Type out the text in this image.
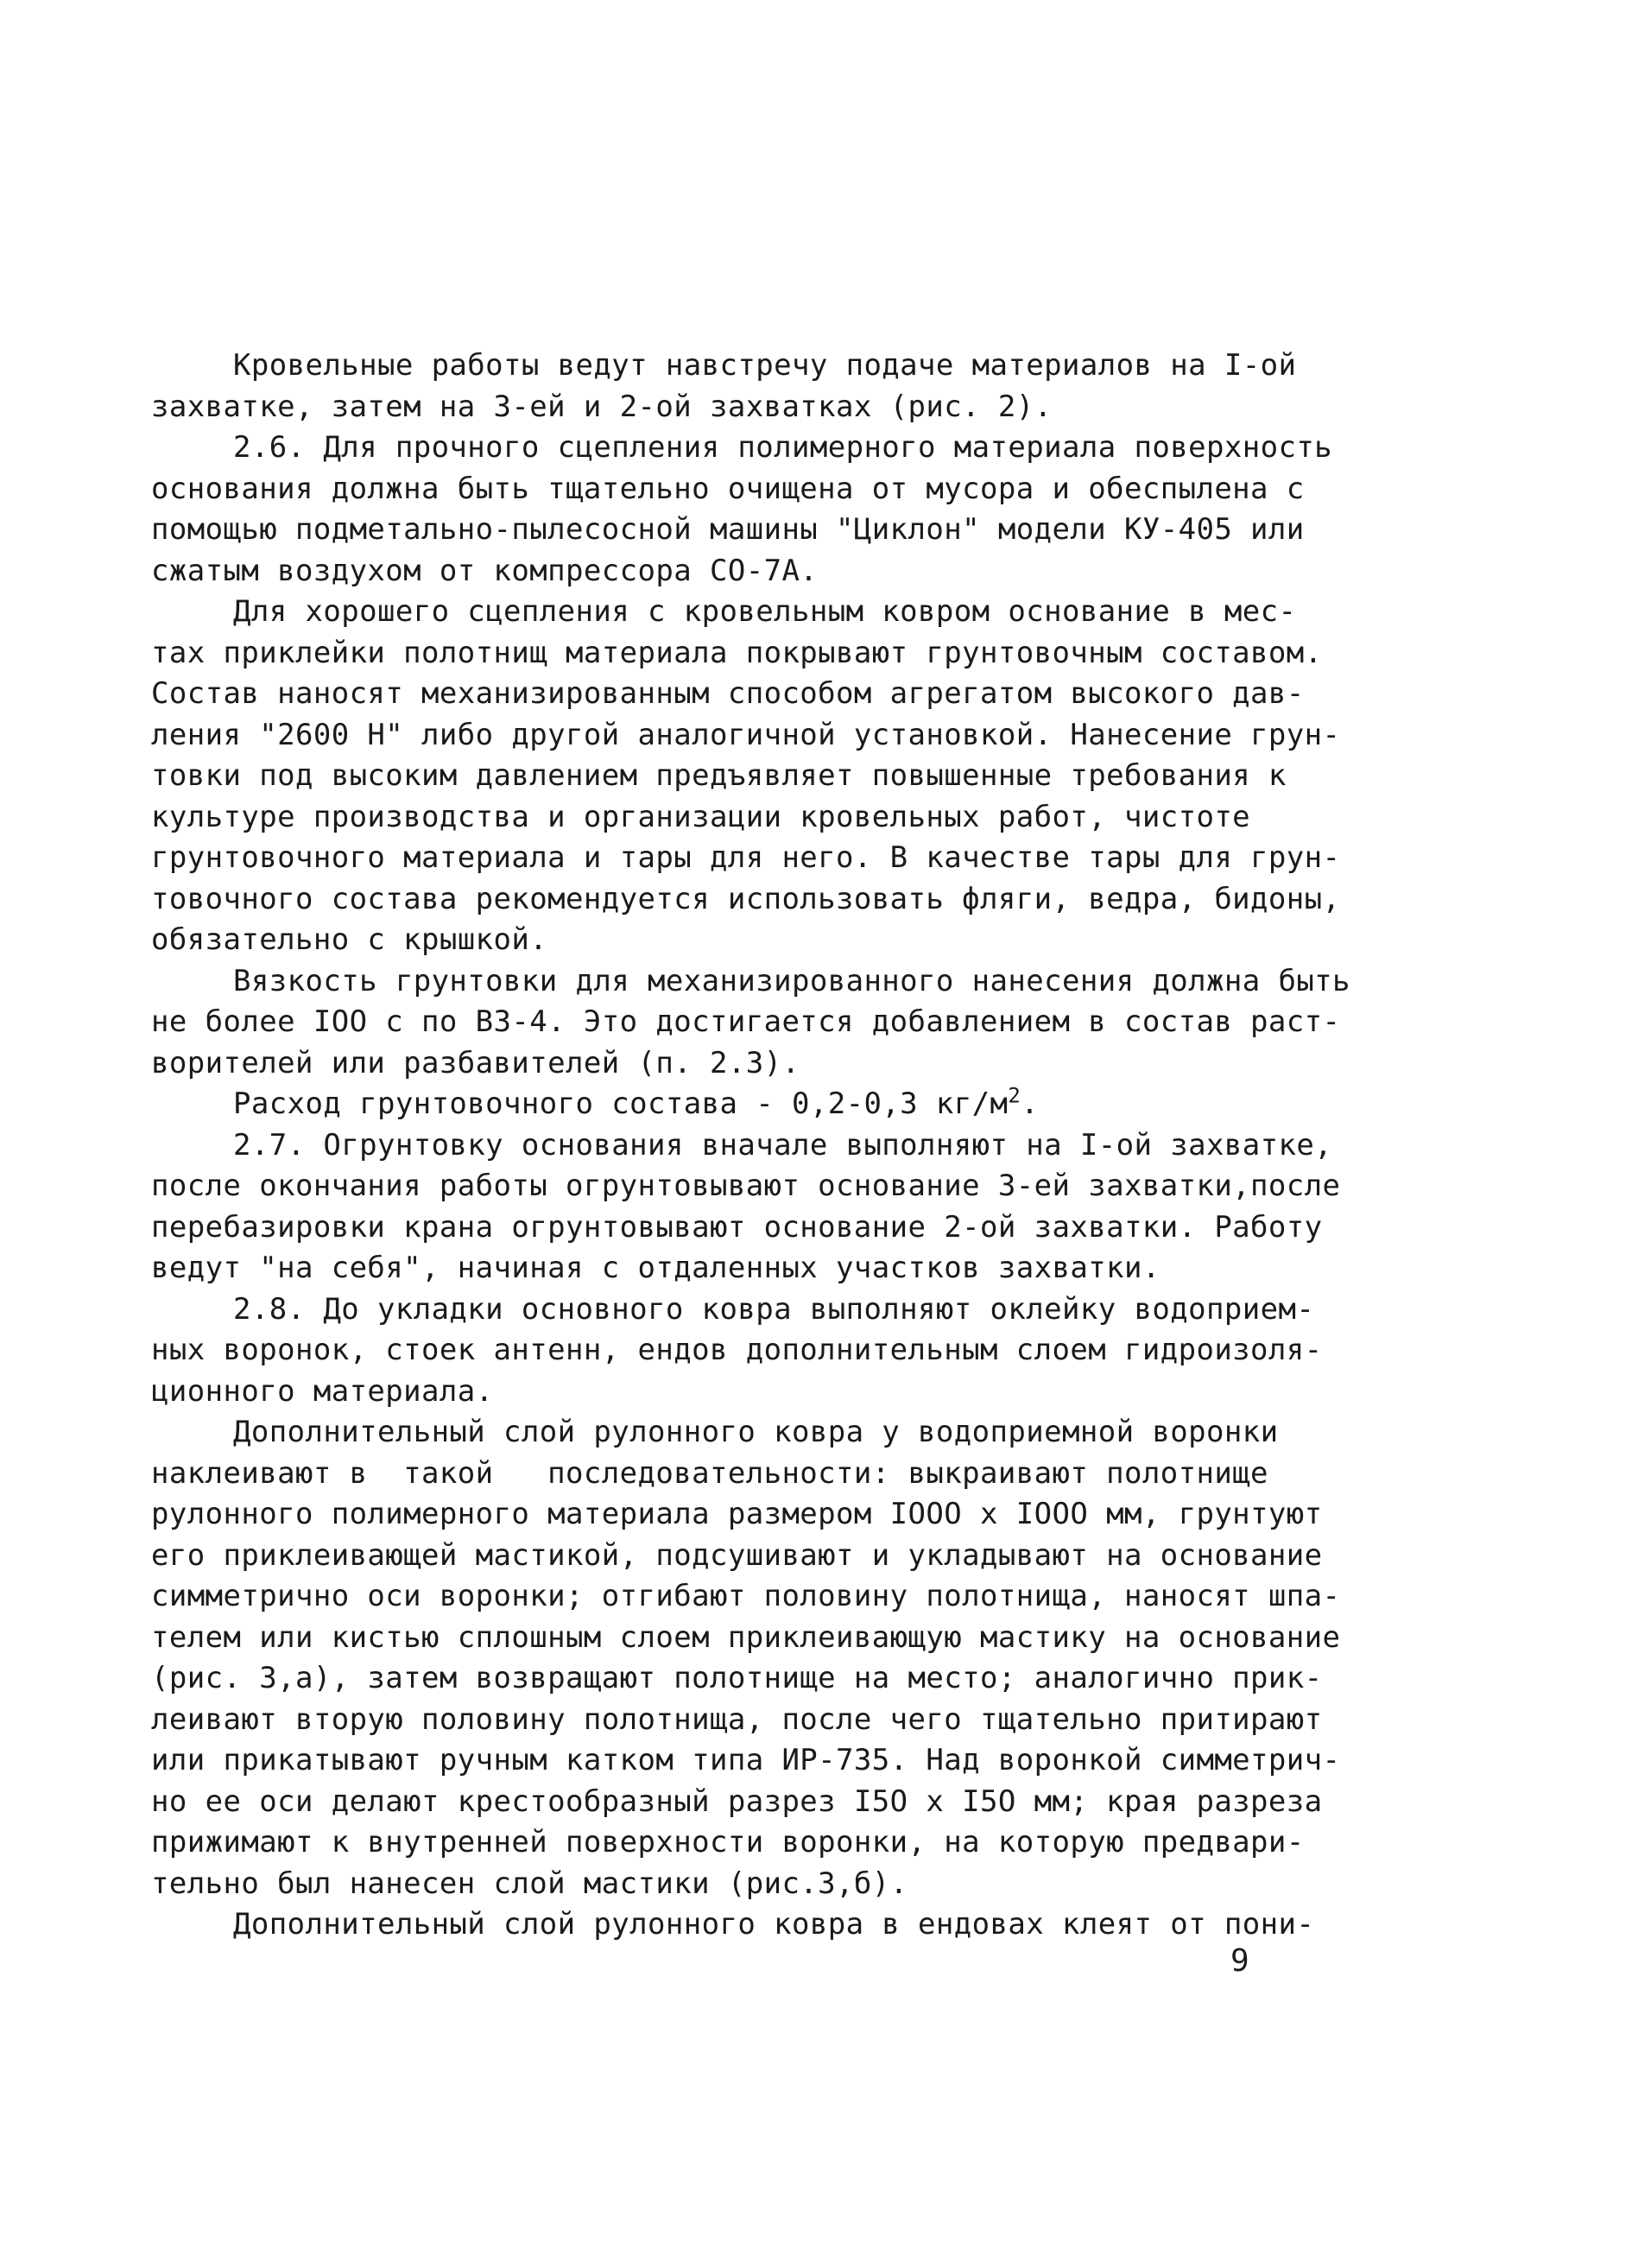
Кровельные работы ведут навстречу подаче материалов на I-ой
захватке, затем на 3-ей и 2-ой захватках (рис. 2).
2.6. Для прочного сцепления полимерного материала поверхность
основания должна быть тщательно очищена от мусора и обеспылена с
помощью подметально-пылесосной машины "Циклон" модели КУ-405 или
сжатым воздухом от компрессора СО-7А.
Для хорошего сцепления с кровельным ковром основание в мес-
тах приклейки полотнищ материала покрывают грунтовочным составом.
Состав наносят механизированным способом агрегатом высокого дав-
ления "2600 Н" либо другой аналогичной установкой. Нанесение грун-
товки под высоким давлением предъявляет повышенные требования к
культуре производства и организации кровельных работ, чистоте
грунтовочного материала и тары для него. В качестве тары для грун-
товочного состава рекомендуется использовать фляги, ведра, бидоны,
обязательно с крышкой.
Вязкость грунтовки для механизированного нанесения должна быть
не более IOO с по ВЗ-4. Это достигается добавлением в состав раст-
ворителей или разбавителей (п. 2.3).
Расход грунтовочного состава - 0,2-0,3 $кг/м^2$.
2.7. Огрунтовку основания вначале выполняют на I-ой захватке,
после окончания работы огрунтовывают основание 3-ей захватки,после
перебазировки крана огрунтовывают основание 2-ой захватки. Работу
ведут "на себя", начиная с отдаленных участков захватки.
2.8. До укладки основного ковра выполняют оклейку водоприем-
ных воронок, стоек антенн, ендов дополнительным слоем гидроизоля-
ционного материала.
Дополнительный слой рулонного ковра у водоприемной воронки
наклеивают в  такой   последовательности: выкраивают полотнище
рулонного полимерного материала размером IOOO х IOOO мм, грунтуют
его приклеивающей мастикой, подсушивают и укладывают на основание
симметрично оси воронки; отгибают половину полотнища, наносят шпа-
телем или кистью сплошным слоем приклеивающую мастику на основание
(рис. 3,а), затем возвращают полотнище на место; аналогично прик-
леивают вторую половину полотнища, после чего тщательно притирают
или прикатывают ручным катком типа ИР-735. Над воронкой симметрич-
но ее оси делают крестообразный разрез I5O х I5O мм; края разреза
прижимают к внутренней поверхности воронки, на которую предвари-
тельно был нанесен слой мастики (рис.3,б).
Дополнительный слой рулонного ковра в ендовах клеят от пони-
9
